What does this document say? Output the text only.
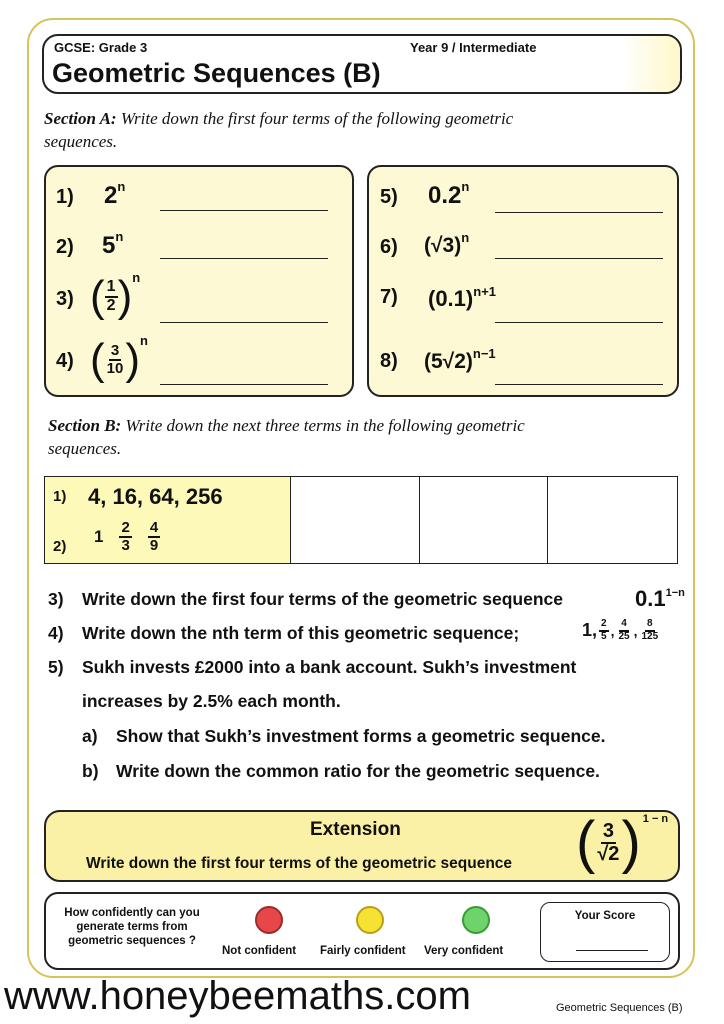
GCSE: Grade 3	Year 9 / Intermediate
Geometric Sequences (B)
Section A: Write down the first four terms of the following geometric
sequences.
1) 2$^n$
2) 5$^n$
3) ( $\frac{1}{2}$ ) n
4) ( $\frac{3}{10}$ ) n
5) 0.2$^n$
6) $(√3)^n$
7) $(0.1)^{n+1}$
8) $(5√2)^{n-1}$
Section B: Write down the next three terms in the following geometric
sequences.
1) 4, 16, 64, 256
2)
$1 \frac{2}{3} \frac{4}{9}$
3) Write down the first four terms of the geometric sequence	$0.1^{1-n}$
4) Write down the nth term of this geometric sequence;	1, $\frac{2}{5}$ , $\frac{4}{25}$ , $\frac{8}{125}$
5) Sukh invests £2000 into a bank account. Sukh’s investment
increases by 2.5% each month.
a) Show that Sukh’s investment forms a geometric sequence.
b) Write down the common ratio for the geometric sequence.
Extension
Write down the first four terms of the geometric sequence ( $\frac{3}{√2}$ ) 1 − n
How confidently can you
generate terms from
geometric sequences ?
Not confident Fairly confident Very confident
Your Score
www.honeybeemaths.com	Geometric Sequences (B)
